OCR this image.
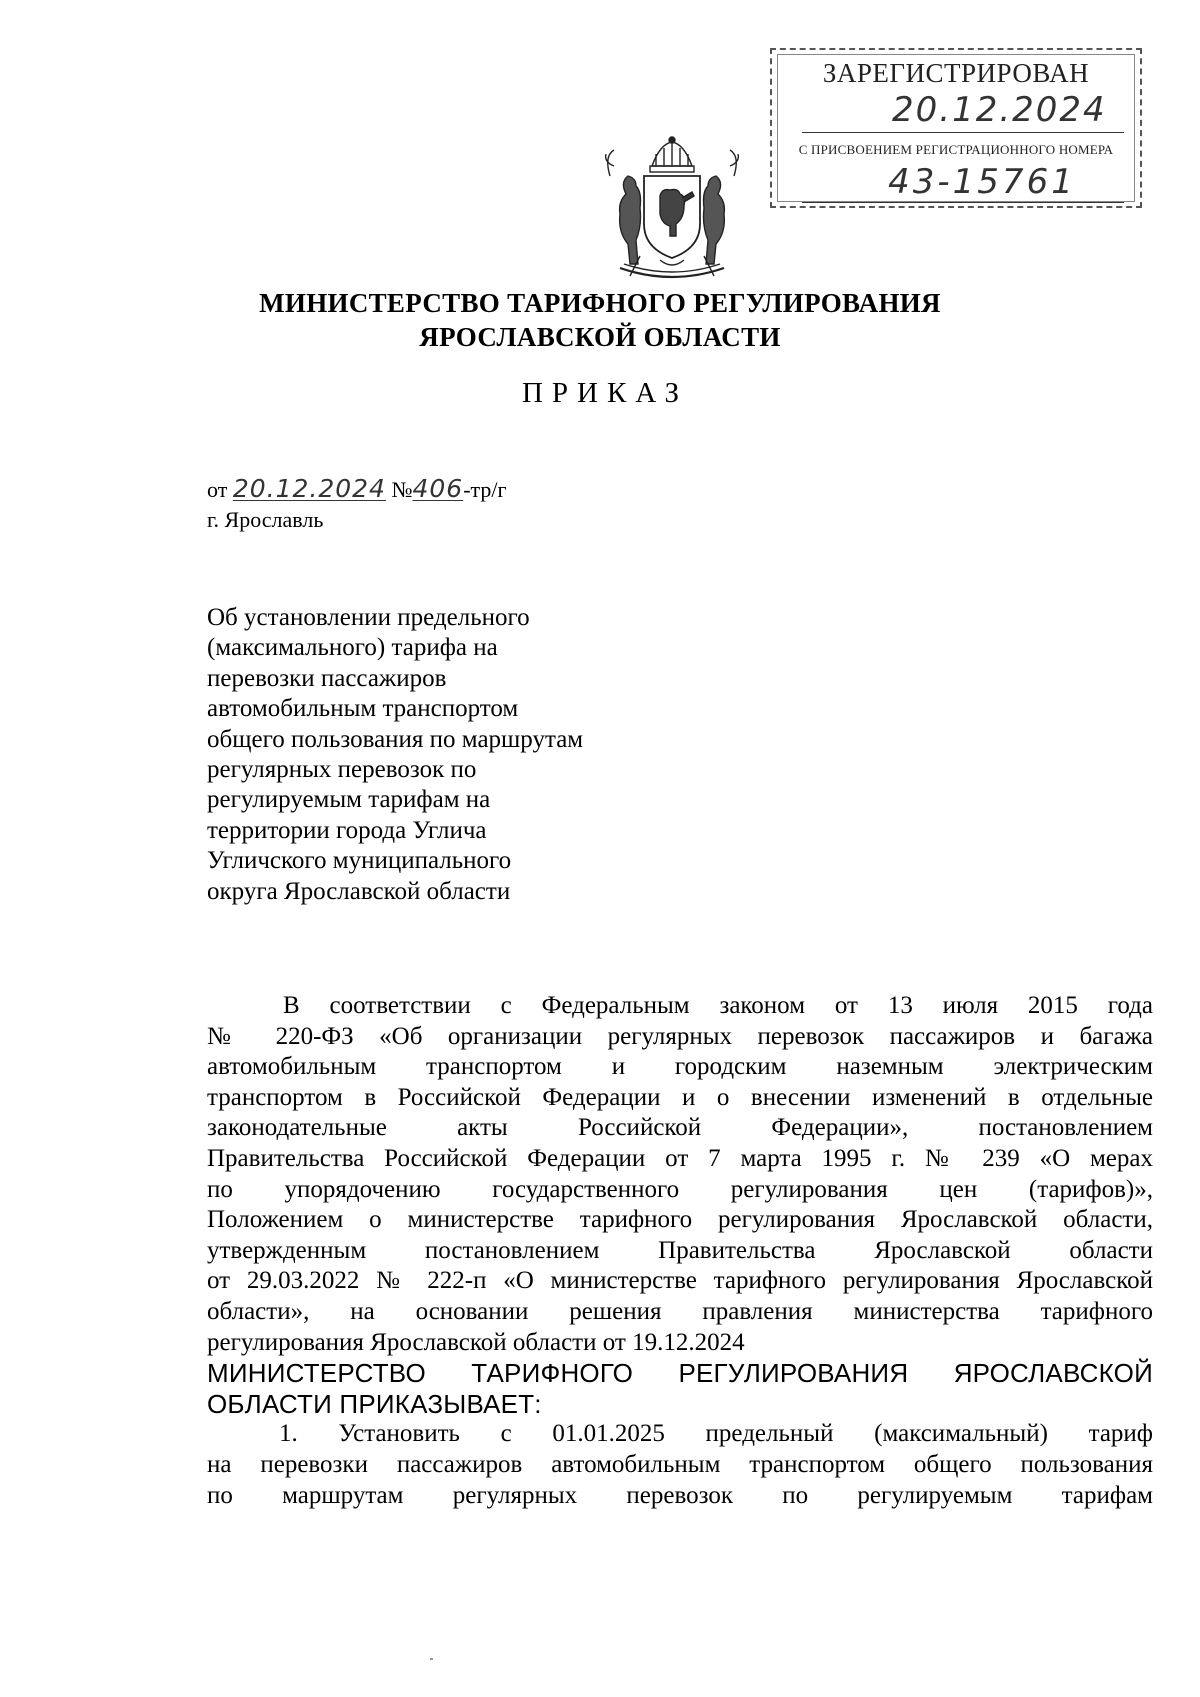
ЗАРЕГИСТРИРОВАН
20.12.2024
С ПРИСВОЕНИЕМ РЕГИСТРАЦИОННОГО НОМЕРА
43-15761
МИНИСТЕРСТВО ТАРИФНОГО РЕГУЛИРОВАНИЯ
ЯРОСЛАВСКОЙ ОБЛАСТИ
ПРИКАЗ
от 20.12.2024 №406-тр/г
г. Ярославль
Об установлении предельного
(максимального) тарифа на
перевозки пассажиров
автомобильным транспортом
общего пользования по маршрутам
регулярных перевозок по
регулируемым тарифам на
территории города Углича
Угличского муниципального
округа Ярославской области
В соответствии с Федеральным законом от 13 июля 2015 года
№ 220-ФЗ «Об организации регулярных перевозок пассажиров и багажа
автомобильным транспортом и городским наземным электрическим
транспортом в Российской Федерации и о внесении изменений в отдельные
законодательные акты Российской Федерации», постановлением
Правительства Российской Федерации от 7 марта 1995 г. № 239 «О мерах
по упорядочению государственного регулирования цен (тарифов)»,
Положением о министерстве тарифного регулирования Ярославской области,
утвержденным постановлением Правительства Ярославской области
от 29.03.2022 № 222-п «О министерстве тарифного регулирования Ярославской
области», на основании решения правления министерства тарифного
регулирования Ярославской области от 19.12.2024
МИНИСТЕРСТВО ТАРИФНОГО РЕГУЛИРОВАНИЯ ЯРОСЛАВСКОЙ
ОБЛАСТИ ПРИКАЗЫВАЕТ:
1. Установить с 01.01.2025 предельный (максимальный) тариф
на перевозки пассажиров автомобильным транспортом общего пользования
по маршрутам регулярных перевозок по регулируемым тарифам
